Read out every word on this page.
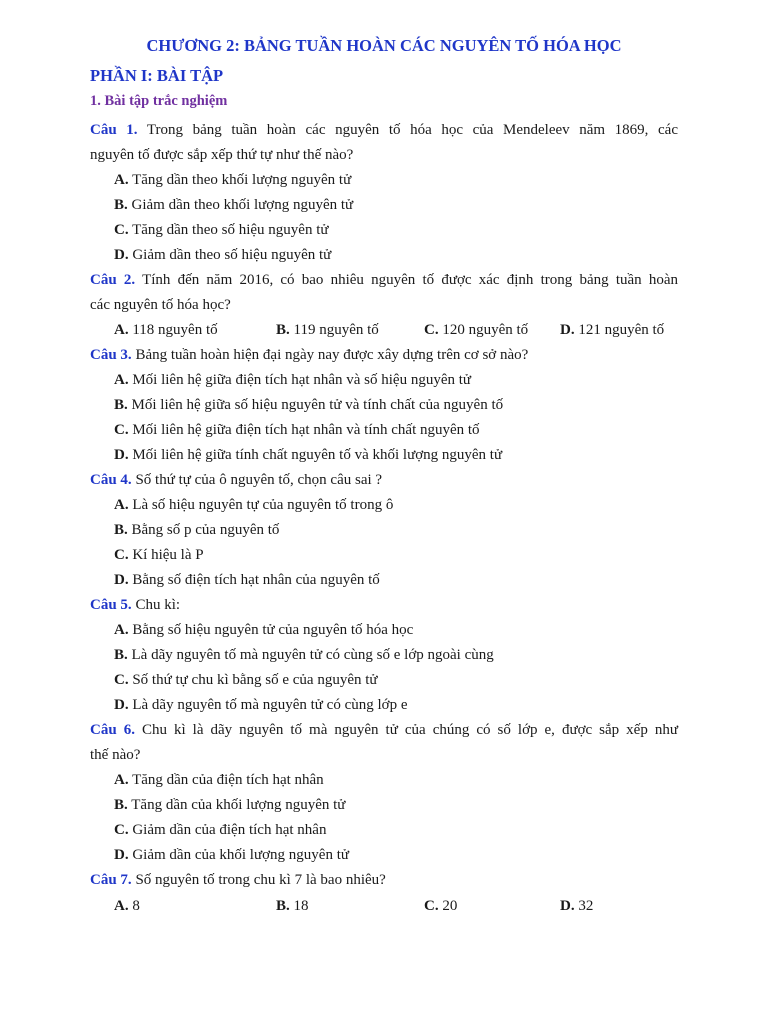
CHƯƠNG 2: BẢNG TUẦN HOÀN CÁC NGUYÊN TỐ HÓA HỌC
PHẦN I: BÀI TẬP
1. Bài tập trắc nghiệm
Câu 1. Trong bảng tuần hoàn các nguyên tố hóa học của Mendeleev năm 1869, các
nguyên tố được sắp xếp thứ tự như thế nào?
A. Tăng dần theo khối lượng nguyên tử
B. Giảm dần theo khối lượng nguyên tử
C. Tăng dần theo số hiệu nguyên tử
D. Giảm dần theo số hiệu nguyên tử
Câu 2. Tính đến năm 2016, có bao nhiêu nguyên tố được xác định trong bảng tuần hoàn
các nguyên tố hóa học?
A. 118 nguyên tố	B. 119 nguyên tố	C. 120 nguyên tố D. 121 nguyên tố
Câu 3. Bảng tuần hoàn hiện đại ngày nay được xây dựng trên cơ sở nào?
A. Mối liên hệ giữa điện tích hạt nhân và số hiệu nguyên tử
B. Mối liên hệ giữa số hiệu nguyên tử và tính chất của nguyên tố
C. Mối liên hệ giữa điện tích hạt nhân và tính chất nguyên tố
D. Mối liên hệ giữa tính chất nguyên tố và khối lượng nguyên tử
Câu 4. Số thứ tự của ô nguyên tố, chọn câu sai ?
A. Là số hiệu nguyên tự của nguyên tố trong ô
B. Bằng số p của nguyên tố
C. Kí hiệu là P
D. Bằng số điện tích hạt nhân của nguyên tố
Câu 5. Chu kì:
A. Bằng số hiệu nguyên tử của nguyên tố hóa học
B. Là dãy nguyên tố mà nguyên tử có cùng số e lớp ngoài cùng
C. Số thứ tự chu kì bằng số e của nguyên tử
D. Là dãy nguyên tố mà nguyên tử có cùng lớp e
Câu 6. Chu kì là dãy nguyên tố mà nguyên tử của chúng có số lớp e, được sắp xếp như
thế nào?
A. Tăng dần của điện tích hạt nhân
B. Tăng dần của khối lượng nguyên tử
C. Giảm dần của điện tích hạt nhân
D. Giảm dần của khối lượng nguyên tử
Câu 7. Số nguyên tố trong chu kì 7 là bao nhiêu?
A. 8	B. 18	C. 20	D. 32
